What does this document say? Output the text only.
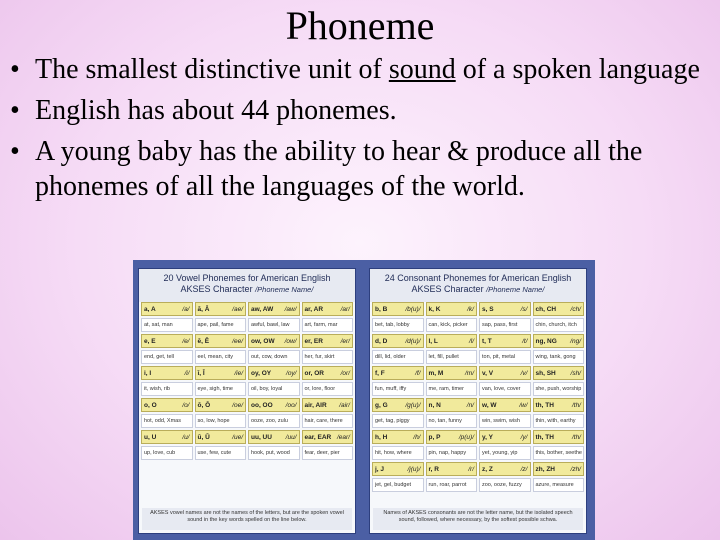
Phoneme
• The smallest distinctive unit of sound of a spoken language
• English has about 44 phonemes.
• A young baby has the ability to hear & produce all the phonemes of all the languages of the world.
20 Vowel Phonemes for American English
AKSES Character /Phoneme Name/
a, A	/a/ ā, Ā	/ae/ aw, AW /aw/ ar, AR	/ar/
at, sat, man	ape, pail, fame	awful, bawl, law	art, farm, mar
e, E	/e/ ē, Ē	/ee/ ow, OW /ow/ er, ER	/er/
end, get, tell	eel, mean, city	out, cow, down	her, fur, skirt
i, I	/i/ ī, Ī	/ie/ oy, OY /oy/ or, OR	/or/
it, wish, rib	eye, sigh, time	oil, boy, loyal	or, lore, floor
o, O	/o/ ō, Ō	/oe/ oo, OO /oo/ air, AIR /air/
hot, odd, Xmas	so, low, hope	ooze, zoo, zulu	hair, care, there
u, U	/u/ ū, Ū	/ue/ uu, UU /uu/ ear, EAR /ear/
up, love, cub	use, few, cute	hook, put, wood	fear, deer, pier
AKSES vowel names are not the names of the letters, but are the spoken vowel sound in the key words spelled on the line below.
24 Consonant Phonemes for American English
AKSES Character /Phoneme Name/
b, B	/b(u)/ k, K	/k/ s, S	/s/ ch, CH /ch/
bet, tab, lobby	can, kick, picker	sap, pass, first	chin, church, itch
d, D	/d(u)/ l, L	/l/ t, T	/t/ ng, NG /ng/
dill, lid, older	let, fill, pullet	ton, pit, metal	wing, tank, gong
f, F	/f/ m, M	/m/ v, V	/v/ sh, SH /sh/
fun, muff, iffy	me, ram, timer	van, love, cover	she, push, worship
g, G	/g(u)/ n, N	/n/ w, W	/w/ th, TH	/th/
get, tag, piggy	no, tan, funny	win, swim, wish	thin, with, earthy
h, H	/h/ p, P	/p(u)/ y, Y	/y/ th, TH	/th/
hit, how, where	pin, nap, happy	yet, young, yip	this, bother, seethe
j, J	/j(u)/ r, R	/r/ z, Z	/z/ zh, ZH /zh/
jet, gel, budget	run, roar, parrot	zoo, ooze, fuzzy	azure, measure
Names of AKSES consonants are not the letter name, but the isolated speech sound, followed, where necessary, by the softest possible schwa.
